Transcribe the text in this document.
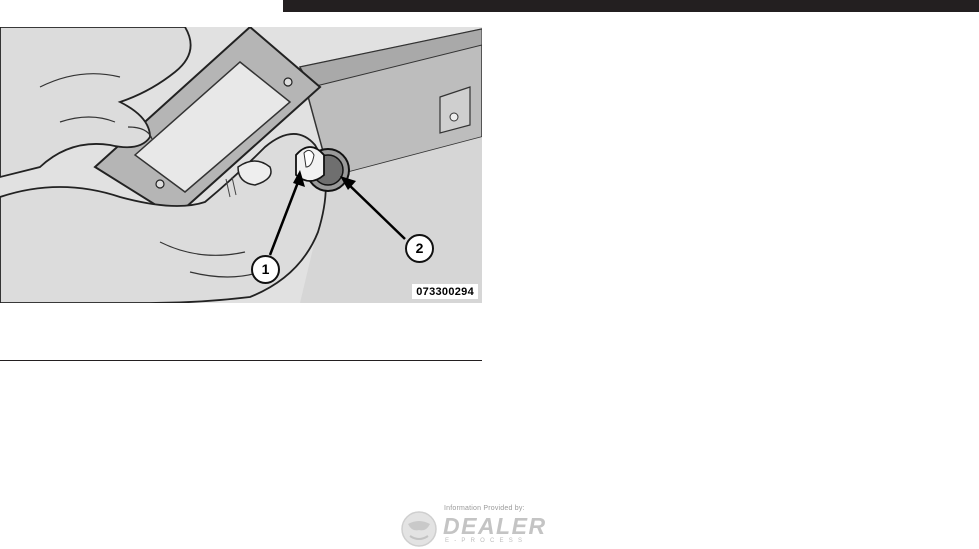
1
2
073300294
Information Provided by:
DEALER
E-PROCESS
